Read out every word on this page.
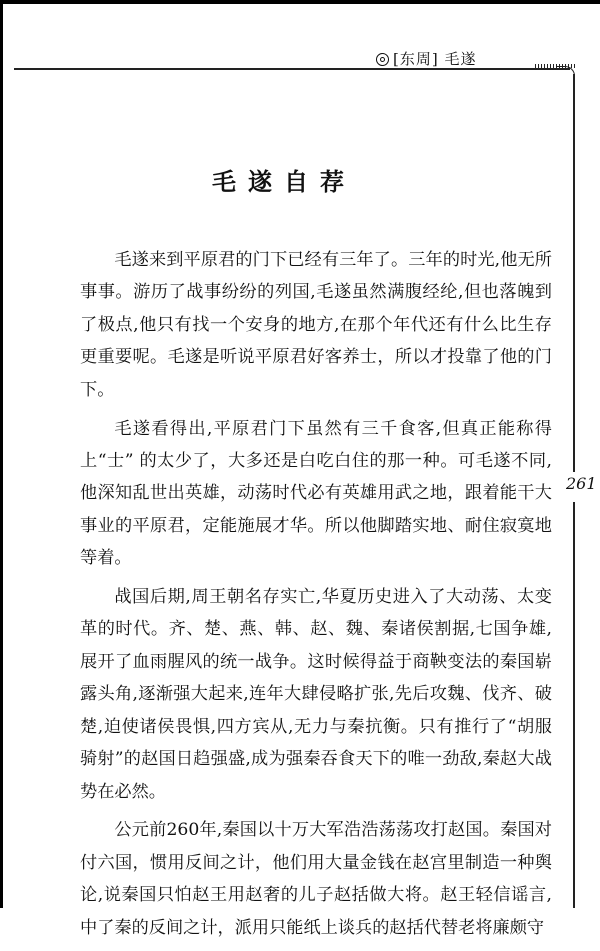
[东周] 毛遂
261
毛遂自荐

毛遂来到平原君的门下已经有三年了。三年的时光,他无所事事。游历了战事纷纷的列国,毛遂虽然满腹经纶,但也落魄到了极点,他只有找一个安身的地方,在那个年代还有什么比生存更重要呢。毛遂是听说平原君好客养士，所以才投靠了他的门下。

毛遂看得出,平原君门下虽然有三千食客,但真正能称得上“士” 的太少了，大多还是白吃白住的那一种。可毛遂不同,他深知乱世出英雄，动荡时代必有英雄用武之地，跟着能干大事业的平原君，定能施展才华。所以他脚踏实地、耐住寂寞地等着。

战国后期,周王朝名存实亡,华夏历史进入了大动荡、太变革的时代。齐、楚、燕、韩、赵、魏、秦诸侯割据,七国争雄,展开了血雨腥风的统一战争。这时候得益于商鞅变法的秦国崭露头角,逐渐强大起来,连年大肆侵略扩张,先后攻魏、伐齐、破楚,迫使诸侯畏惧,四方宾从,无力与秦抗衡。只有推行了“胡服骑射”的赵国日趋强盛,成为强秦吞食天下的唯一劲敌,秦赵大战势在必然。

公元前260年,秦国以十万大军浩浩荡荡攻打赵国。秦国对付六国，惯用反间之计，他们用大量金钱在赵宫里制造一种舆论,说秦国只怕赵王用赵奢的儿子赵括做大将。赵王轻信谣言,中了秦的反间之计，派用只能纸上谈兵的赵括代替老将廉颇守
